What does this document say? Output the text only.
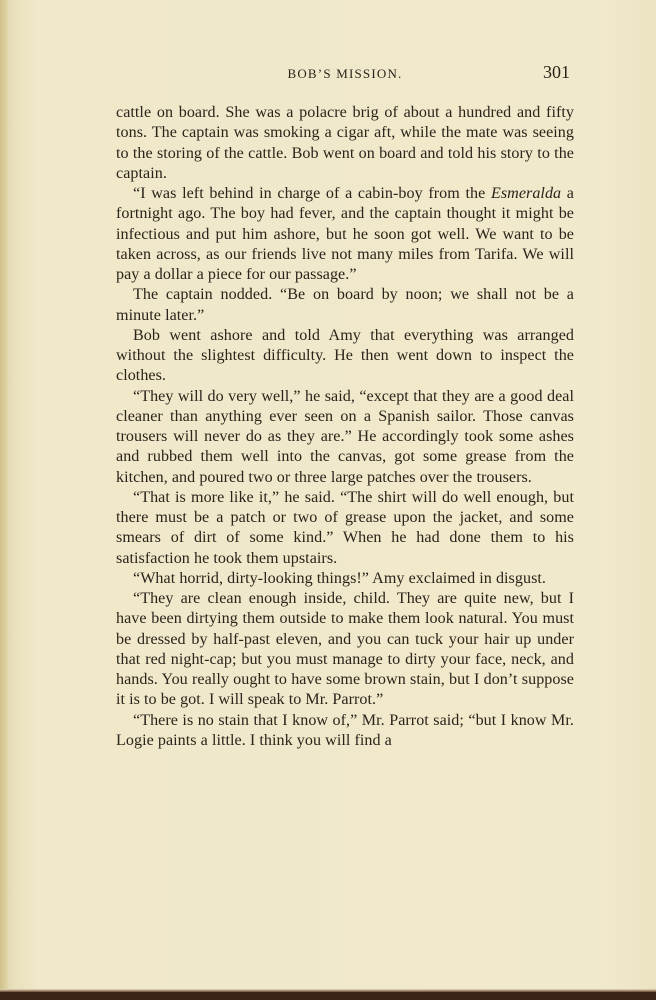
BOB’S MISSION.	301

cattle on board. She was a polacre brig of about a hundred and fifty tons. The captain was smoking a cigar aft, while the mate was seeing to the storing of the cattle. Bob went on board and told his story to the captain.

“I was left behind in charge of a cabin-boy from the Esmeralda a fortnight ago. The boy had fever, and the captain thought it might be infectious and put him ashore, but he soon got well. We want to be taken across, as our friends live not many miles from Tarifa. We will pay a dollar a piece for our passage.”

The captain nodded. “Be on board by noon; we shall not be a minute later.”

Bob went ashore and told Amy that everything was arranged without the slightest difficulty. He then went down to inspect the clothes.

“They will do very well,” he said, “except that they are a good deal cleaner than anything ever seen on a Spanish sailor. Those canvas trousers will never do as they are.” He accordingly took some ashes and rubbed them well into the canvas, got some grease from the kitchen, and poured two or three large patches over the trousers.

“That is more like it,” he said. “The shirt will do well enough, but there must be a patch or two of grease upon the jacket, and some smears of dirt of some kind.” When he had done them to his satisfaction he took them upstairs.

“What horrid, dirty-looking things!” Amy exclaimed in disgust.

“They are clean enough inside, child. They are quite new, but I have been dirtying them outside to make them look natural. You must be dressed by half-past eleven, and you can tuck your hair up under that red night-cap; but you must manage to dirty your face, neck, and hands. You really ought to have some brown stain, but I don’t suppose it is to be got. I will speak to Mr. Parrot.”

“There is no stain that I know of,” Mr. Parrot said; “but I know Mr. Logie paints a little. I think you will find a
